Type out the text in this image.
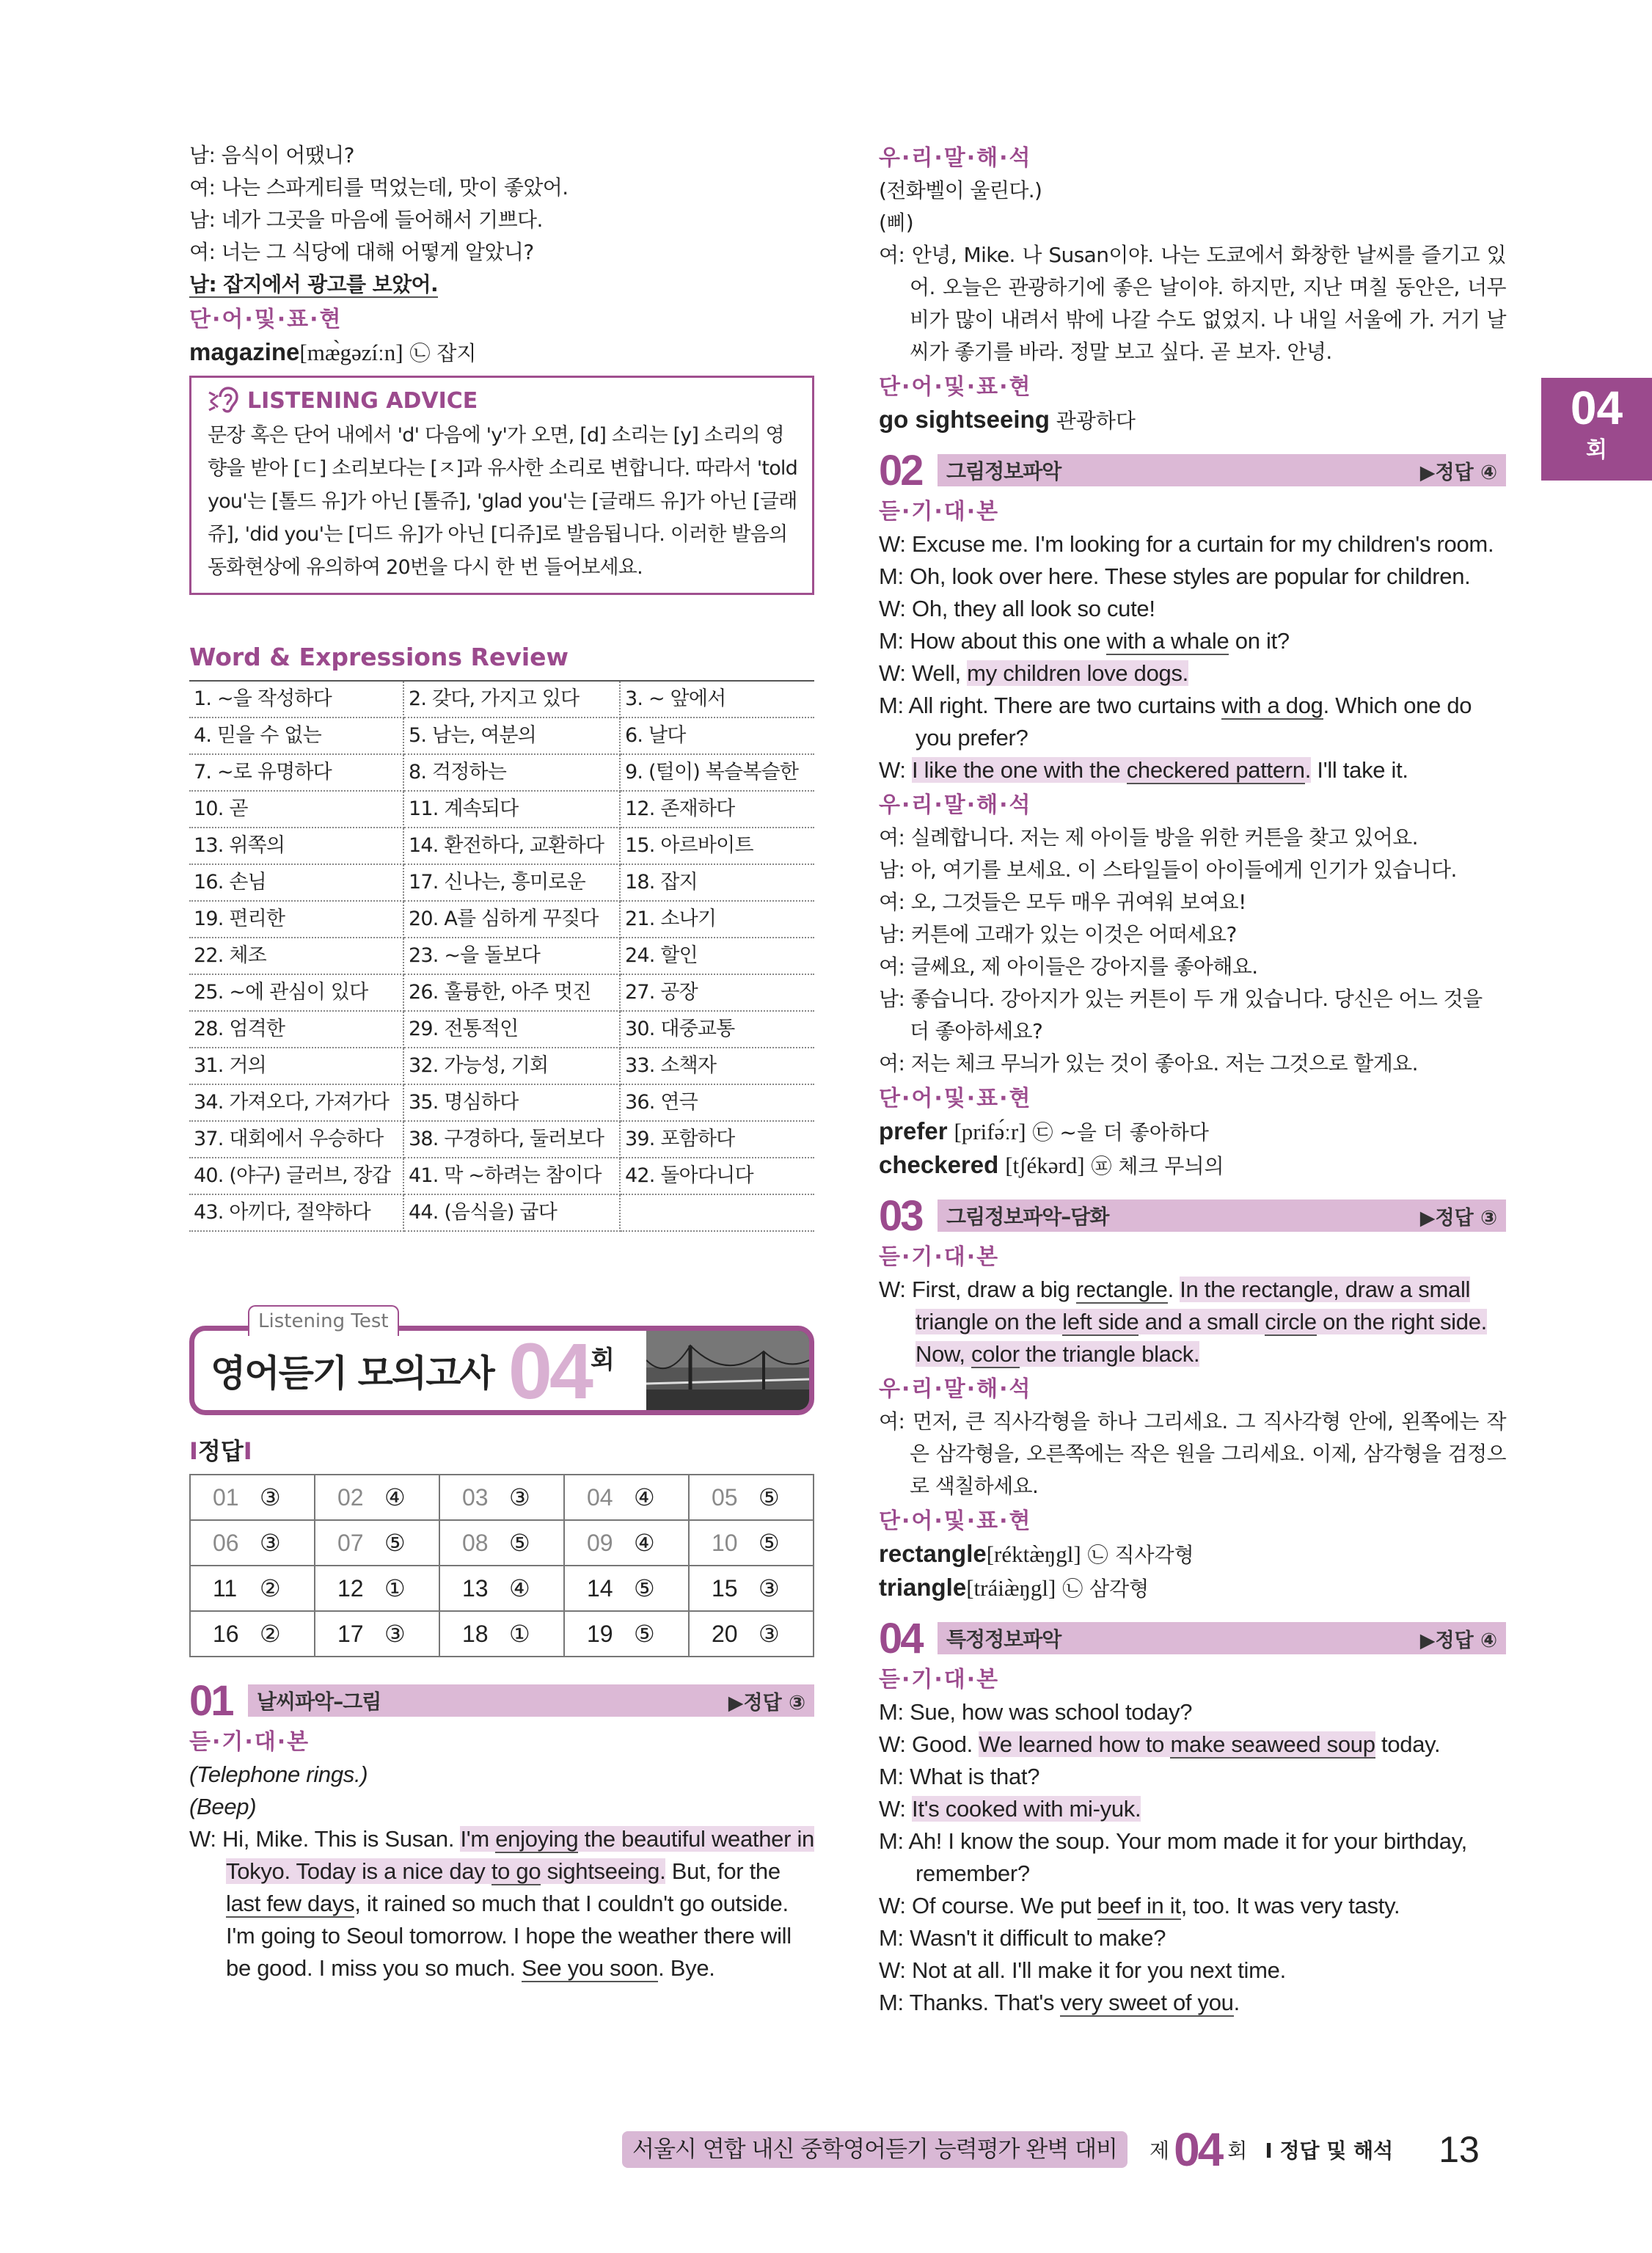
남: 음식이 어땠니?
여: 나는 스파게티를 먹었는데, 맛이 좋았어.
남: 네가 그곳을 마음에 들어해서 기쁘다.
여: 너는 그 식당에 대해 어떻게 알았니?
남: 잡지에서 광고를 보았어.
단·어·및·표·현
magazine[mӕ̀gəzíːn] ㉡ 잡지
LISTENING ADVICE

문장 혹은 단어 내에서 'd' 다음에 'y'가 오면, [d] 소리는 [y] 소리의 영향을 받아 [ㄷ] 소리보다는 [ㅈ]과 유사한 소리로 변합니다. 따라서 'told you'는 [톨드 유]가 아닌 [톨쥬], 'glad you'는 [글래드 유]가 아닌 [글래쥬], 'did you'는 [디드 유]가 아닌 [디쥬]로 발음됩니다. 이러한 발음의 동화현상에 유의하여 20번을 다시 한 번 들어보세요.

Word & Expressions Review
1. ~을 작성하다	2. 갖다, 가지고 있다	3. ~ 앞에서
4. 믿을 수 없는	5. 남는, 여분의	6. 날다
7. ~로 유명하다	8. 걱정하는	9. (털이) 복슬복슬한
10. 곧	11. 계속되다	12. 존재하다
13. 위쪽의	14. 환전하다, 교환하다	15. 아르바이트
16. 손님	17. 신나는, 흥미로운	18. 잡지
19. 편리한	20. A를 심하게 꾸짖다	21. 소나기
22. 체조	23. ~을 돌보다	24. 할인
25. ~에 관심이 있다	26. 훌륭한, 아주 멋진	27. 공장
28. 엄격한	29. 전통적인	30. 대중교통
31. 거의	32. 가능성, 기회	33. 소책자
34. 가져오다, 가져가다	35. 명심하다	36. 연극
37. 대회에서 우승하다	38. 구경하다, 둘러보다	39. 포함하다
40. (야구) 글러브, 장갑	41. 막 ~하려는 참이다	42. 돌아다니다
43. 아끼다, 절약하다	44. (음식을) 굽다	
Listening Test
영어듣기 모의고사 04 회
I정답I
01 ③	02 ④	03 ③	04 ④	05 ⑤
06 ③	07 ⑤	08 ⑤	09 ④	10 ⑤
11 ②	12 ①	13 ④	14 ⑤	15 ③
16 ②	17 ③	18 ①	19 ⑤	20 ③
01	날씨파악–그림	▶정답 ③
듣·기·대·본
(Telephone rings.)
(Beep)
W: Hi, Mike. This is Susan. I'm enjoying the beautiful weather in Tokyo. Today is a nice day to go sightseeing. But, for the last few days, it rained so much that I couldn't go outside. I'm going to Seoul tomorrow. I hope the weather there will be good. I miss you so much. See you soon. Bye.
우·리·말·해·석
(전화벨이 울린다.)
(삐)
여: 안녕, Mike. 나 Susan이야. 나는 도쿄에서 화창한 날씨를 즐기고 있어. 오늘은 관광하기에 좋은 날이야. 하지만, 지난 며칠 동안은, 너무 비가 많이 내려서 밖에 나갈 수도 없었지. 나 내일 서울에 가. 거기 날씨가 좋기를 바라. 정말 보고 싶다. 곧 보자. 안녕.
단·어·및·표·현
go sightseeing 관광하다
02	그림정보파악	▶정답 ④
듣·기·대·본
W: Excuse me. I'm looking for a curtain for my children's room.
M: Oh, look over here. These styles are popular for children.
W: Oh, they all look so cute!
M: How about this one with a whale on it?
W: Well, my children love dogs.
M: All right. There are two curtains with a dog. Which one do you prefer?
W: I like the one with the checkered pattern. I'll take it.
우·리·말·해·석
여: 실례합니다. 저는 제 아이들 방을 위한 커튼을 찾고 있어요.
남: 아, 여기를 보세요. 이 스타일들이 아이들에게 인기가 있습니다.
여: 오, 그것들은 모두 매우 귀여워 보여요!
남: 커튼에 고래가 있는 이것은 어떠세요?
여: 글쎄요, 제 아이들은 강아지를 좋아해요.
남: 좋습니다. 강아지가 있는 커튼이 두 개 있습니다. 당신은 어느 것을 더 좋아하세요?
여: 저는 체크 무늬가 있는 것이 좋아요. 저는 그것으로 할게요.
단·어·및·표·현
prefer [prifə́ːr] ㉢ ~을 더 좋아하다
checkered [tʃékərd] ㉬ 체크 무늬의
03	그림정보파악–담화	▶정답 ③
듣·기·대·본
W: First, draw a big rectangle. In the rectangle, draw a small triangle on the left side and a small circle on the right side. Now, color the triangle black.
우·리·말·해·석
여: 먼저, 큰 직사각형을 하나 그리세요. 그 직사각형 안에, 왼쪽에는 작은 삼각형을, 오른쪽에는 작은 원을 그리세요. 이제, 삼각형을 검정으로 색칠하세요.
단·어·및·표·현
rectangle[réktæ̀ŋgl] ㉡ 직사각형
triangle[tráiæ̀ŋgl] ㉡ 삼각형
04	특정정보파악	▶정답 ④
듣·기·대·본
M: Sue, how was school today?
W: Good. We learned how to make seaweed soup today.
M: What is that?
W: It's cooked with mi-yuk.
M: Ah! I know the soup. Your mom made it for your birthday, remember?
W: Of course. We put beef in it, too. It was very tasty.
M: Wasn't it difficult to make?
W: Not at all. I'll make it for you next time.
M: Thanks. That's very sweet of you.
04
회
서울시 연합 내신 중학영어듣기 능력평가 완벽 대비	제 04 회 I 정답 및 해석 13
